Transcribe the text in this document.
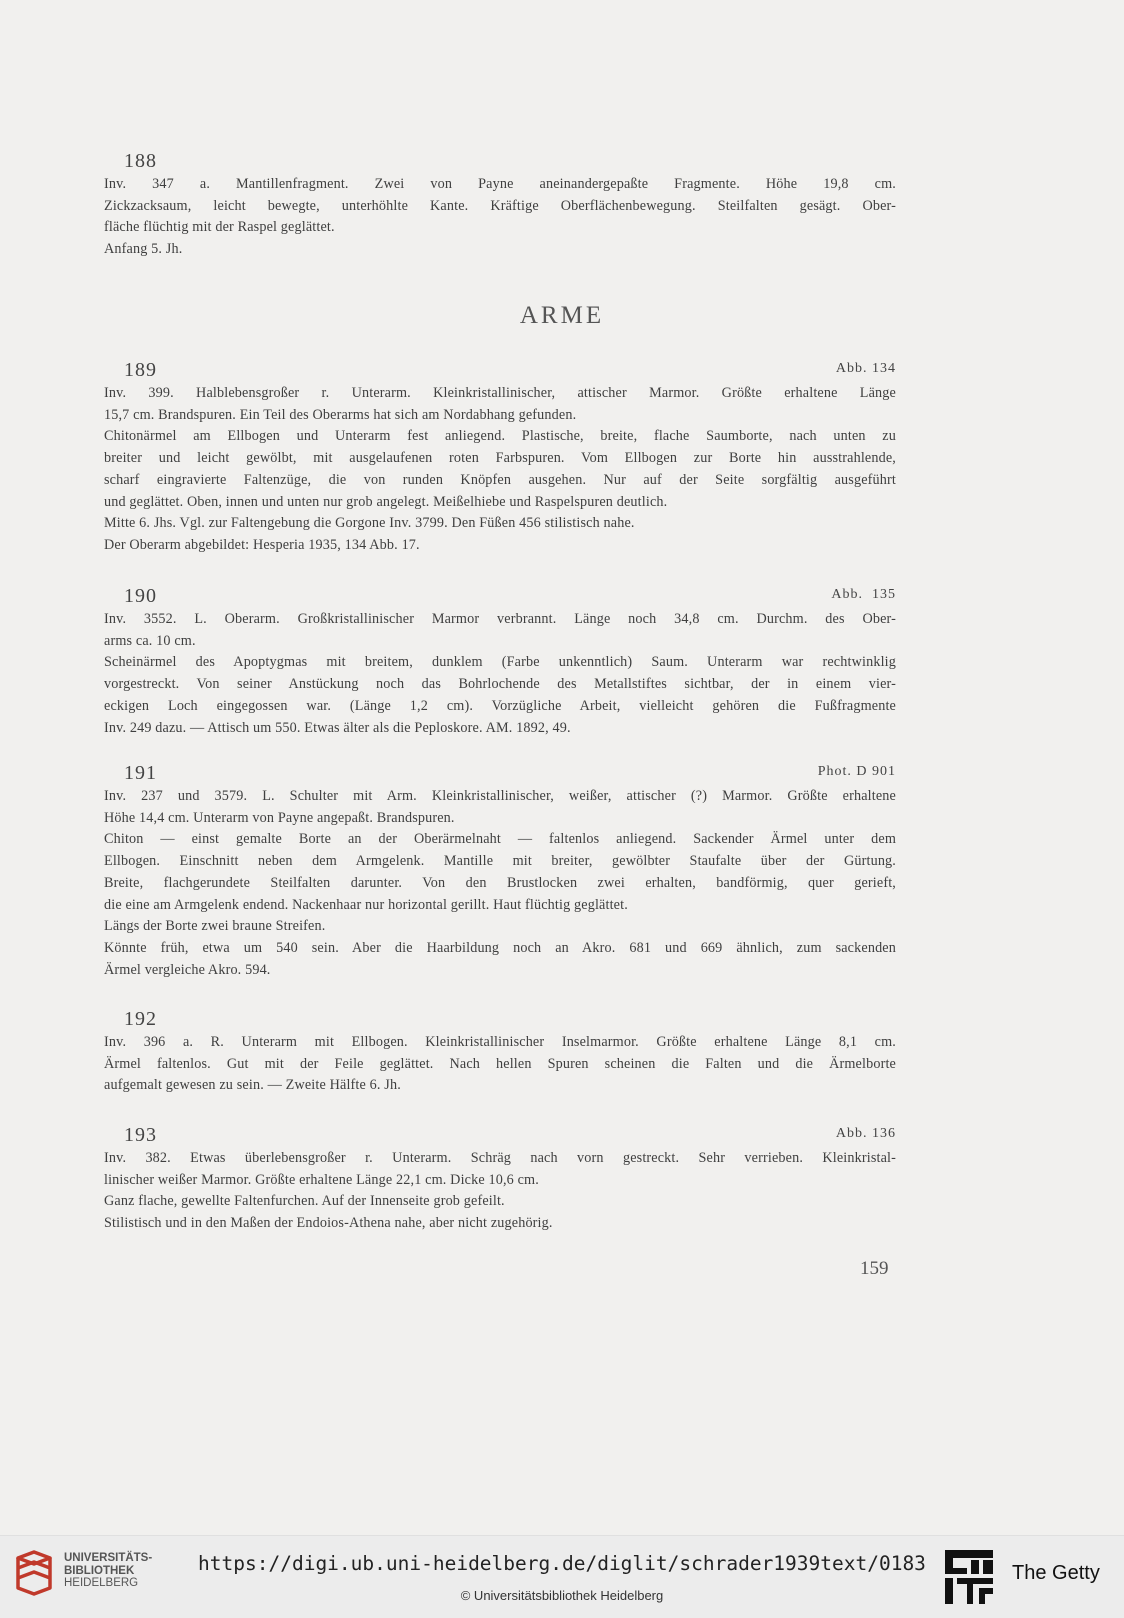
188
Inv. 347 a. Mantillenfragment. Zwei von Payne aneinandergepaßte Fragmente. Höhe 19,8 cm.
Zickzacksaum, leicht bewegte, unterhöhlte Kante. Kräftige Oberflächenbewegung. Steilfalten gesägt. Ober-
fläche flüchtig mit der Raspel geglättet.
Anfang 5. Jh.
ARME
189	Abb. 134
Inv. 399. Halblebensgroßer r. Unterarm. Kleinkristallinischer, attischer Marmor. Größte erhaltene Länge
15,7 cm. Brandspuren. Ein Teil des Oberarms hat sich am Nordabhang gefunden.
Chitonärmel am Ellbogen und Unterarm fest anliegend. Plastische, breite, flache Saumborte, nach unten zu
breiter und leicht gewölbt, mit ausgelaufenen roten Farbspuren. Vom Ellbogen zur Borte hin ausstrahlende,
scharf eingravierte Faltenzüge, die von runden Knöpfen ausgehen. Nur auf der Seite sorgfältig ausgeführt
und geglättet. Oben, innen und unten nur grob angelegt. Meißelhiebe und Raspelspuren deutlich.
Mitte 6. Jhs. Vgl. zur Faltengebung die Gorgone Inv. 3799. Den Füßen 456 stilistisch nahe.
Der Oberarm abgebildet: Hesperia 1935, 134 Abb. 17.
190	Abb.  135
Inv. 3552. L. Oberarm. Großkristallinischer Marmor verbrannt. Länge noch 34,8 cm. Durchm. des Ober-
arms ca. 10 cm.
Scheinärmel des Apoptygmas mit breitem, dunklem (Farbe unkenntlich) Saum. Unterarm war rechtwinklig
vorgestreckt. Von seiner Anstückung noch das Bohrlochende des Metallstiftes sichtbar, der in einem vier-
eckigen Loch eingegossen war. (Länge 1,2 cm). Vorzügliche Arbeit, vielleicht gehören die Fußfragmente
Inv. 249 dazu. — Attisch um 550. Etwas älter als die Peploskore. AM. 1892, 49.
191	Phot. D 901
Inv. 237 und 3579. L. Schulter mit Arm. Kleinkristallinischer, weißer, attischer (?) Marmor. Größte erhaltene
Höhe 14,4 cm. Unterarm von Payne angepaßt. Brandspuren.
Chiton — einst gemalte Borte an der Oberärmelnaht — faltenlos anliegend. Sackender Ärmel unter dem
Ellbogen. Einschnitt neben dem Armgelenk. Mantille mit breiter, gewölbter Staufalte über der Gürtung.
Breite, flachgerundete Steilfalten darunter. Von den Brustlocken zwei erhalten, bandförmig, quer gerieft,
die eine am Armgelenk endend. Nackenhaar nur horizontal gerillt. Haut flüchtig geglättet.
Längs der Borte zwei braune Streifen.
Könnte früh, etwa um 540 sein. Aber die Haarbildung noch an Akro. 681 und 669 ähnlich, zum sackenden
Ärmel vergleiche Akro. 594.
192
Inv. 396 a. R. Unterarm mit Ellbogen. Kleinkristallinischer Inselmarmor. Größte erhaltene Länge 8,1 cm.
Ärmel faltenlos. Gut mit der Feile geglättet. Nach hellen Spuren scheinen die Falten und die Ärmelborte
aufgemalt gewesen zu sein. — Zweite Hälfte 6. Jh.
193	Abb. 136
Inv. 382. Etwas überlebensgroßer r. Unterarm. Schräg nach vorn gestreckt. Sehr verrieben. Kleinkristal-
linischer weißer Marmor. Größte erhaltene Länge 22,1 cm. Dicke 10,6 cm.
Ganz flache, gewellte Faltenfurchen. Auf der Innenseite grob gefeilt.
Stilistisch und in den Maßen der Endoios-Athena nahe, aber nicht zugehörig.
159
UNIVERSITÄTS-
BIBLIOTHEK
HEIDELBERG
https://digi.ub.uni-heidelberg.de/diglit/schrader1939text/0183
© Universitätsbibliothek Heidelberg
The Getty
